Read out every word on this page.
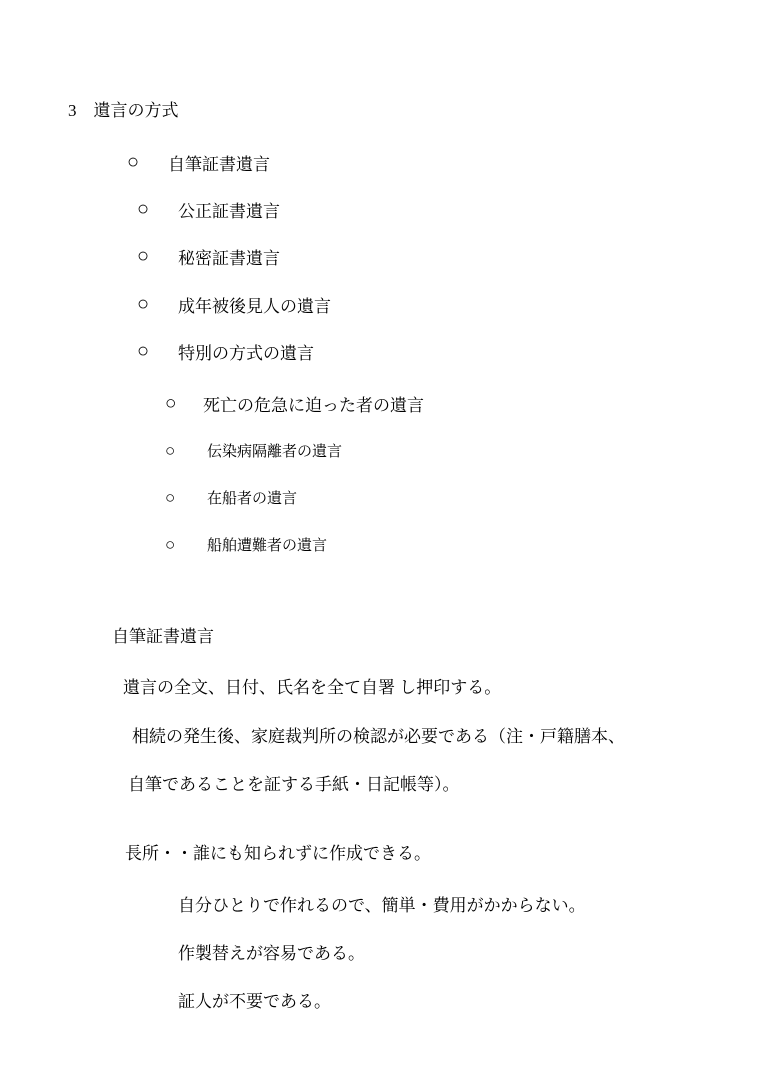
3　遺言の方式
○	自筆証書遺言
○	公正証書遺言
○	秘密証書遺言
○	成年被後見人の遺言
○	特別の方式の遺言
○	死亡の危急に迫った者の遺言
○	伝染病隔離者の遺言
○	在船者の遺言
○	船舶遭難者の遺言
自筆証書遺言
遺言の全文、日付、氏名を全て自署 し押印する。
相続の発生後、家庭裁判所の検認が必要である（注・戸籍膳本、
自筆であることを証する手紙・日記帳等）。
長所・・誰にも知られずに作成できる。
自分ひとりで作れるので、簡単・費用がかからない。
作製替えが容易である。
証人が不要である。
